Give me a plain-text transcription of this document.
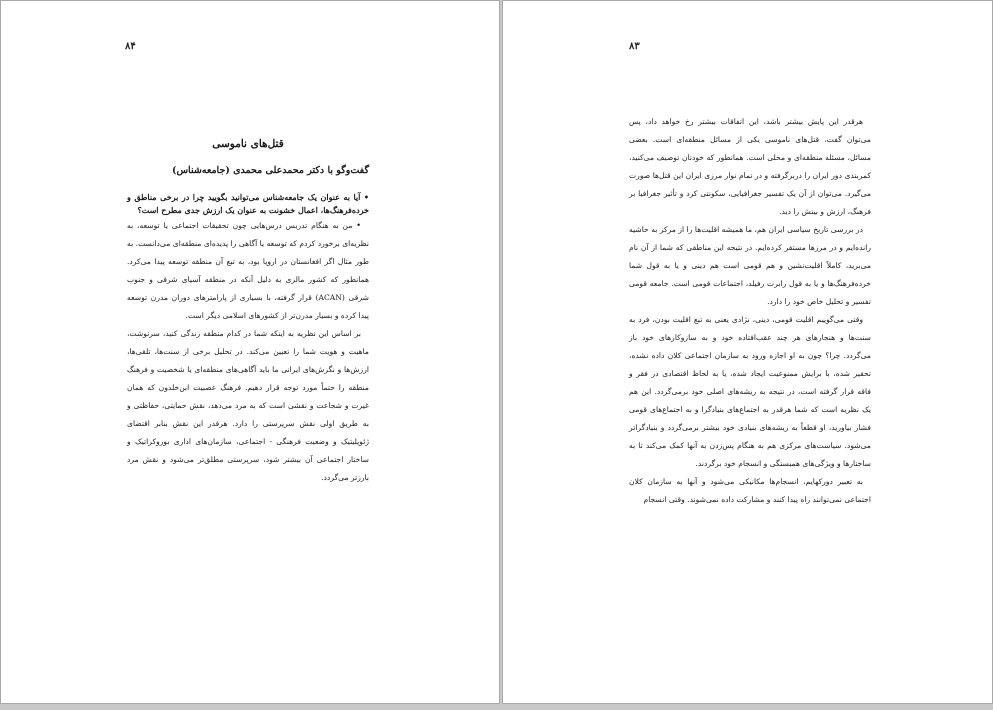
۸۴
قتل‌های ناموسی
گفت‌وگو با دکتر محمدعلی محمدی (جامعه‌شناس)

• آیا به عنوان یک جامعه‌شناس می‌توانید بگویید چرا در برخی مناطق و خرده‌فرهنگ‌ها، اعمال خشونت به عنوان یک ارزش جدی مطرح است؟

• من به هنگام تدریس درس‌هایی چون تحقیقات اجتماعی یا توسعه، به نظریه‌ای برخورد کردم که توسعه یا آگاهی را پدیده‌ای منطقه‌ای می‌دانست. به طور مثال اگر افغانستان در اروپا بود، به تبع آن منطقه توسعه پیدا می‌کرد. همانطور که کشور مالزی به دلیل آنکه در منطقه آسیای شرقی و جنوب شرقی (ACAN) قرار گرفته، با بسیاری از پارامترهای دوران مدرن توسعه پیدا کرده و بسیار مدرن‌تر از کشورهای اسلامی دیگر است.

بر اساس این نظریه به اینکه شما در کدام منطقه زندگی کنید، سرنوشت، ماهیت و هویت شما را تعیین می‌کند. در تحلیل برخی از سنت‌ها، تلقی‌ها، ارزش‌ها و نگرش‌های ایرانی ما باید آگاهی‌های منطقه‌ای یا شخصیت و فرهنگ منطقه را حتماً مورد توجه قرار دهیم. فرهنگ عصبیت ابن‌خلدون که همان غیرت و شجاعت و نقشی است که به مرد می‌دهد، نقش حمایتی، حفاظتی و به طریق اولی نقش سرپرستی را دارد. هرقدر این نقش بنابر اقتضای ژئوپلیتیک و وضعیت فرهنگی - اجتماعی، سازمان‌های اداری بوروکراتیک و ساختار اجتماعی آن بیشتر شود، سرپرستی مطلق‌تر می‌شود و نقش مرد بارزتر می‌گردد.

۸۳

هرقدر این پایش بیشتر باشد، این اتفاقات بیشتر رخ خواهد داد، پس می‌توان گفت، قتل‌های ناموسی یکی از مسائل منطقه‌ای است. بعضی مسائل، مسئله منطقه‌ای و محلی است. همانطور که خودتان توصیف می‌کنید، کمربندی دور ایران را دربرگرفته و در تمام نوار مرزی ایران این قتل‌ها صورت می‌گیرد. می‌توان از آن یک تفسیر جغرافیایی، سکونتی کرد و تأثیر جغرافیا بر فرهنگ، ارزش و بینش را دید.

در بررسی تاریخ سیاسی ایران هم، ما همیشه اقلیت‌ها را از مرکز به حاشیه رانده‌ایم و در مرزها مستقر کرده‌ایم. در نتیجه این مناطقی که شما از آن نام می‌برید، کاملاً اقلیت‌نشین و هم قومی است هم دینی و یا به قول شما خرده‌فرهنگ‌ها و یا به قول رابرت رفیلد، اجتماعات قومی است. جامعه قومی تفسیر و تحلیل خاص خود را دارد.

وقتی می‌گوییم اقلیت قومی، دینی، نژادی یعنی به تبع اقلیت بودن، فرد به سنت‌ها و هنجارهای هر چند عقب‌افتاده خود و به سازوکارهای خود باز می‌گردد. چرا؟ چون به او اجازه ورود به سازمان اجتماعی کلان داده نشده، تحقیر شده، با برایش ممنوعیت ایجاد شده، یا به لحاظ اقتصادی در فقر و فاقه قرار گرفته است، در نتیجه به ریشه‌های اصلی خود برمی‌گردد. این هم یک نظریه است که شما هرقدر به اجتماع‌های بنیادگرا و به اجتماع‌های قومی فشار بیاورید، او قطعاً به ریشه‌های بنیادی خود بیشتر برمی‌گردد و بنیادگراتر می‌شود. سیاست‌های مرکزی هم به هنگام پس‌زدن به آنها کمک می‌کند تا به ساختارها و ویژگی‌های همبستگی و انسجام خود برگردند.

به تعبیر دورکهایم، انسجام‌ها مکانیکی می‌شود و آنها به سازمان کلان اجتماعی نمی‌توانند راه پیدا کنند و مشارکت داده نمی‌شوند. وقتی انسجام
